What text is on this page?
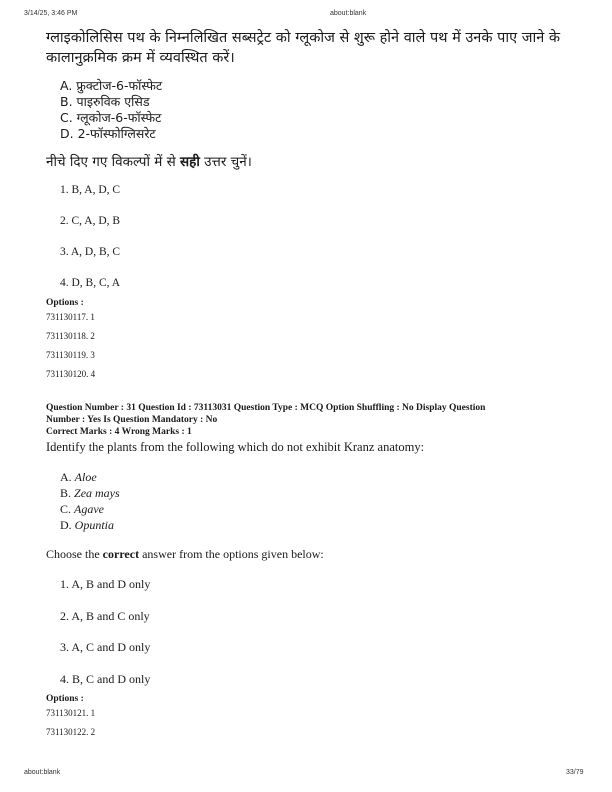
3/14/25, 3:46 PM	about:blank

ग्लाइकोलिसिस पथ के निम्नलिखित सब्सट्रेट को ग्लूकोज से शुरू होने वाले पथ में उनके पाए जाने के कालानुक्रमिक क्रम में व्यवस्थित करें।

A. फ्रुक्टोज-6-फॉस्फेट
B. पाइरुविक एसिड
C. ग्लूकोज-6-फॉस्फेट
D. 2-फॉस्फोग्लिसरेट
नीचे दिए गए विकल्पों में से सही उत्तर चुनें।
1. B, A, D, C
2. C, A, D, B
3. A, D, B, C
4. D, B, C, A
Options :
731130117. 1
731130118. 2
731130119. 3
731130120. 4
Question Number : 31 Question Id : 73113031 Question Type : MCQ Option Shuffling : No Display Question
Number : Yes Is Question Mandatory : No
Correct Marks : 4 Wrong Marks : 1
Identify the plants from the following which do not exhibit Kranz anatomy:
A. Aloe
B. Zea mays
C. Agave
D. Opuntia
Choose the correct answer from the options given below:
1. A, B and D only
2. A, B and C only
3. A, C and D only
4. B, C and D only
Options :
731130121. 1
731130122. 2
about:blank	33/79
